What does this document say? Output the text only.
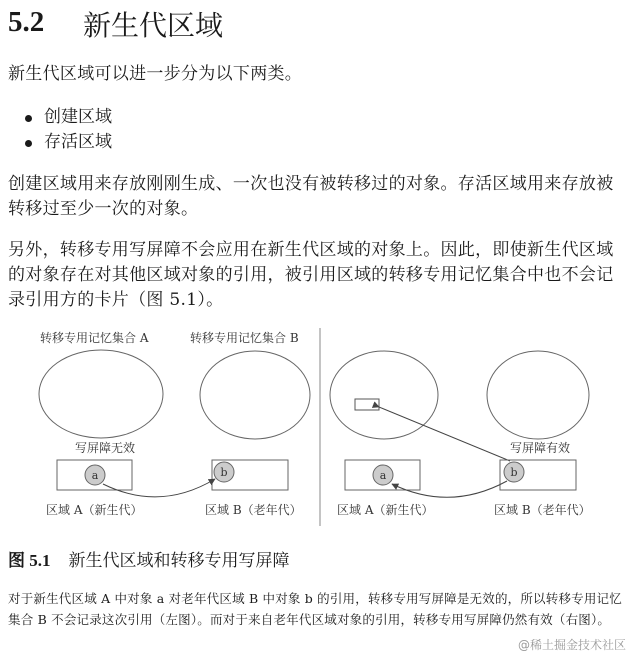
5.2 新生代区域
新生代区域可以进一步分为以下两类。
创建区域
存活区域
创建区域用来存放刚刚生成、一次也没有被转移过的对象。存活区域用来存放被转移过至少一次的对象。
另外，转移专用写屏障不会应用在新生代区域的对象上。因此，即使新生代区域的对象存在对其他区域对象的引用，被引用区域的转移专用记忆集合中也不会记录引用方的卡片（图 5.1）。
转移专用记忆集合 A	转移专用记忆集合 B
写屏障无效
a	b
区域 A（新生代）	区域 B（老年代）
写屏障有效
a	b
区域 A（新生代）	区域 B（老年代）
图 5.1 新生代区域和转移专用写屏障
对于新生代区域 A 中对象 a 对老年代区域 B 中对象 b 的引用，转移专用写屏障是无效的，所以转移专用记忆集合 B 不会记录这次引用（左图）。而对于来自老年代区域对象的引用，转移专用写屏障仍然有效（右图）。
@稀土掘金技术社区
